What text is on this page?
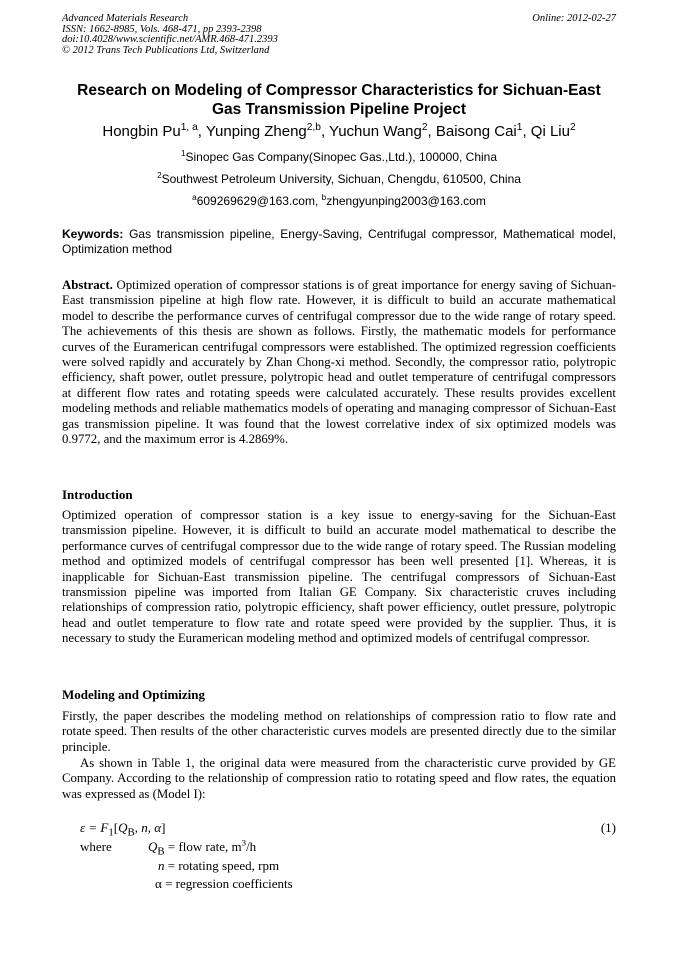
Advanced Materials Research
ISSN: 1662-8985, Vols. 468-471, pp 2393-2398
doi:10.4028/www.scientific.net/AMR.468-471.2393
© 2012 Trans Tech Publications Ltd, Switzerland
Online: 2012-02-27
Research on Modeling of Compressor Characteristics for Sichuan-East Gas Transmission Pipeline Project
Hongbin Pu$^{1, a}$, Yunping Zheng$^{2,b}$, Yuchun Wang$^2$, Baisong Cai$^1$, Qi Liu$^2$
$^1$Sinopec Gas Company(Sinopec Gas.,Ltd.), 100000, China
$^2$Southwest Petroleum University, Sichuan, Chengdu, 610500, China
$^a$609269629@163.com, $^b$zhengyunping2003@163.com
Keywords: Gas transmission pipeline, Energy-Saving, Centrifugal compressor, Mathematical model, Optimization method
Abstract. Optimized operation of compressor stations is of great importance for energy saving of Sichuan-East transmission pipeline at high flow rate. However, it is difficult to build an accurate mathematical model to describe the performance curves of centrifugal compressor due to the wide range of rotary speed. The achievements of this thesis are shown as follows. Firstly, the mathematic models for performance curves of the Euramerican centrifugal compressors were established. The optimized regression coefficients were solved rapidly and accurately by Zhan Chong-xi method. Secondly, the compressor ratio, polytropic efficiency, shaft power, outlet pressure, polytropic head and outlet temperature of centrifugal compressors at different flow rates and rotating speeds were calculated accurately. These results provides excellent modeling methods and reliable mathematics models of operating and managing compressor of Sichuan-East gas transmission pipeline. It was found that the lowest correlative index of six optimized models was 0.9772, and the maximum error is 4.2869%.
Introduction
Optimized operation of compressor station is a key issue to energy-saving for the Sichuan-East transmission pipeline. However, it is difficult to build an accurate model mathematical to describe the performance curves of centrifugal compressor due to the wide range of rotary speed. The Russian modeling method and optimized models of centrifugal compressor has been well presented [1]. Whereas, it is inapplicable for Sichuan-East transmission pipeline. The centrifugal compressors of Sichuan-East transmission pipeline was imported from Italian GE Company. Six characteristic cruves including relationships of compression ratio, polytropic efficiency, shaft power efficiency, outlet pressure, polytropic head and outlet temperature to flow rate and rotate speed were provided by the supplier. Thus, it is necessary to study the Euramerican modeling method and optimized models of centrifugal compressor.
Modeling and Optimizing
Firstly, the paper describes the modeling method on relationships of compression ratio to flow rate and rotate speed. Then results of the other characteristic curves models are presented directly due to the similar principle.
As shown in Table 1, the original data were measured from the characteristic curve provided by GE Company. According to the relationship of compression ratio to rotating speed and flow rates, the equation was expressed as (Model I):
$\varepsilon = F_1[Q_B$, n, α]	(1)
where	$Q_B$ = flow rate, $m^3/h$
n = rotating speed, rpm
α = regression coefficients
